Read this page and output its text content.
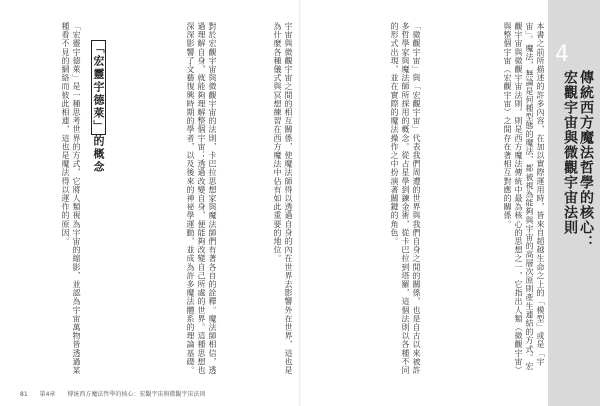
「宏靈宇德萊」是一種思考世界的方式，它將人類視為宇宙的縮影，並認為宇宙萬物皆透過某種看不見的網絡而彼此相連，這也是魔法得以運作的原因。	「宏靈宇德萊」的概念	對於宏觀宇宙與微觀宇宙的法則，卡巴拉思想家與魔法師們有著各自的詮釋。魔法師相信，透過理解自身，就能夠理解整個宇宙；透過改變自身，便能夠改變自己所處的世界。這種思想也深深影響了文藝復興時期的學者，以及後來的神祕學運動，並成為許多魔法體系的理論基礎。	宇宙與微觀宇宙之間的相互關係，使魔法師得以透過自身的內在世界去影響外在世界，這也是為什麼各種儀式與冥想練習在西方魔法中佔有如此重要的地位。	「微觀宇宙」與「宏觀宇宙」代表我們周遭的世界與我們自身之間的關係，也是自古以來被許多哲學家與魔法師所採用的概念。從占星學到鍊金術，從卡巴拉到塔羅，這個法則以各種不同的形式出現，並在實際的魔法操作之中扮演著關鍵的角色。	本書之前所描述的許多內容，在加以實際運用時，皆來自超越生命之上的「模型」或是「宇宙」。魔法，無論是何種型態的魔法，都被視為能夠與宇宙的高層次原則產生連結的方式。宏觀宇宙與微觀宇宙法則，則是西方魔法傳統中最為核心的思想之一，它指出人類（微觀宇宙）與整個宇宙（宏觀宇宙）之間存在著相互對應的關係。	4
傳統西方魔法哲學的核心：
宏觀宇宙與微觀宇宙法則
81 第4章 傳統西方魔法哲學的核心：宏觀宇宙與微觀宇宙法則
